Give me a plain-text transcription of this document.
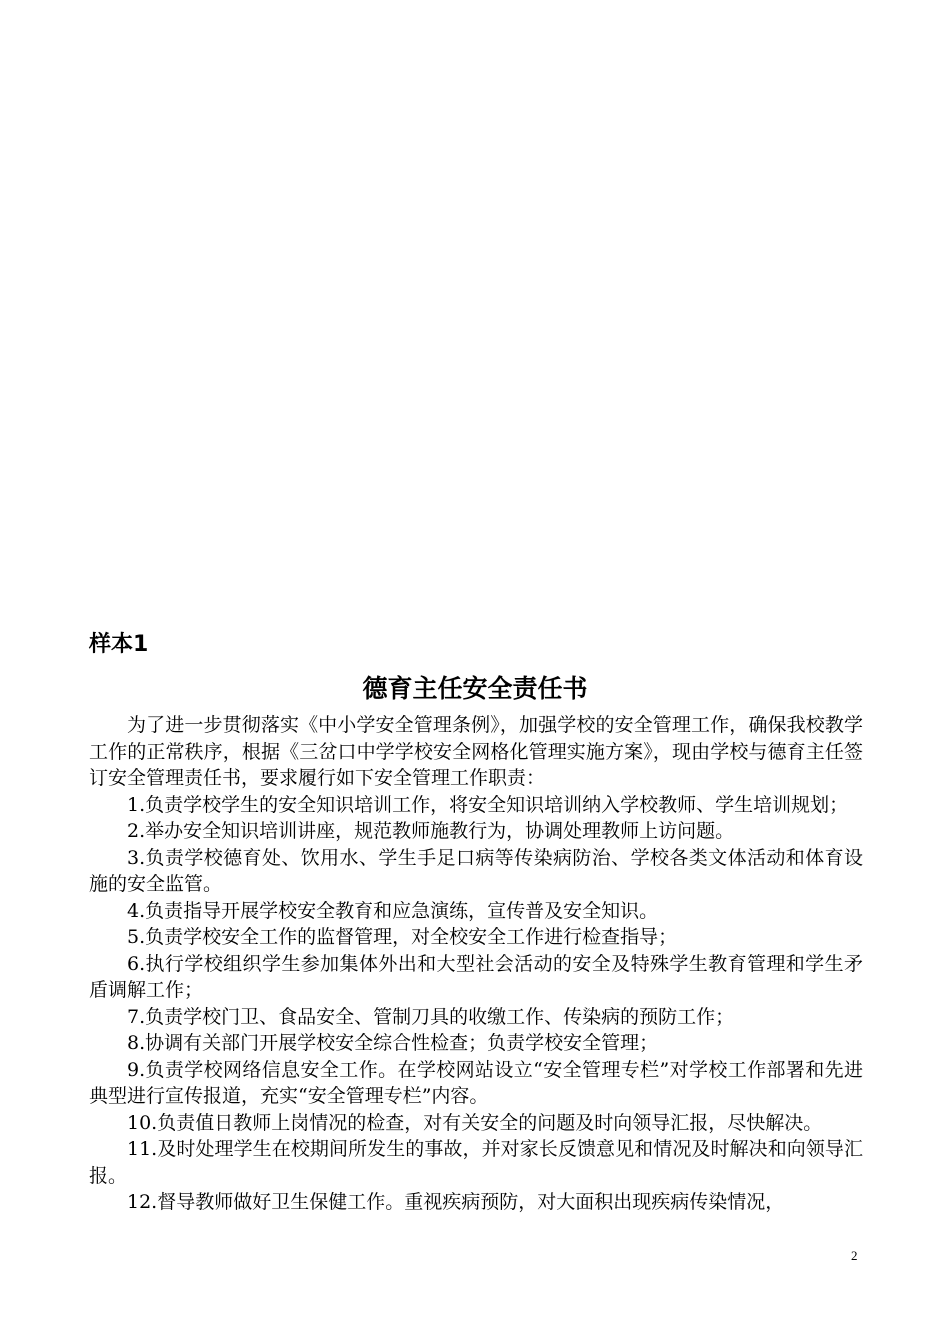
样本1
德育主任安全责任书

为了进一步贯彻落实《中小学安全管理条例》，加强学校的安全管理工作，确保我校教学工作的正常秩序，根据《三岔口中学学校安全网格化管理实施方案》，现由学校与德育主任签订安全管理责任书，要求履行如下安全管理工作职责：

1.负责学校学生的安全知识培训工作，将安全知识培训纳入学校教师、学生培训规划；

2.举办安全知识培训讲座，规范教师施教行为，协调处理教师上访问题。

3.负责学校德育处、饮用水、学生手足口病等传染病防治、学校各类文体活动和体育设施的安全监管。

4.负责指导开展学校安全教育和应急演练，宣传普及安全知识。

5.负责学校安全工作的监督管理，对全校安全工作进行检查指导；

6.执行学校组织学生参加集体外出和大型社会活动的安全及特殊学生教育管理和学生矛盾调解工作；

7.负责学校门卫、食品安全、管制刀具的收缴工作、传染病的预防工作；

8.协调有关部门开展学校安全综合性检查；负责学校安全管理；

9.负责学校网络信息安全工作。在学校网站设立“安全管理专栏”对学校工作部署和先进典型进行宣传报道，充实“安全管理专栏”内容。

10.负责值日教师上岗情况的检查，对有关安全的问题及时向领导汇报，尽快解决。

11.及时处理学生在校期间所发生的事故，并对家长反馈意见和情况及时解决和向领导汇报。

12.督导教师做好卫生保健工作。重视疾病预防，对大面积出现疾病传染情况，

2
